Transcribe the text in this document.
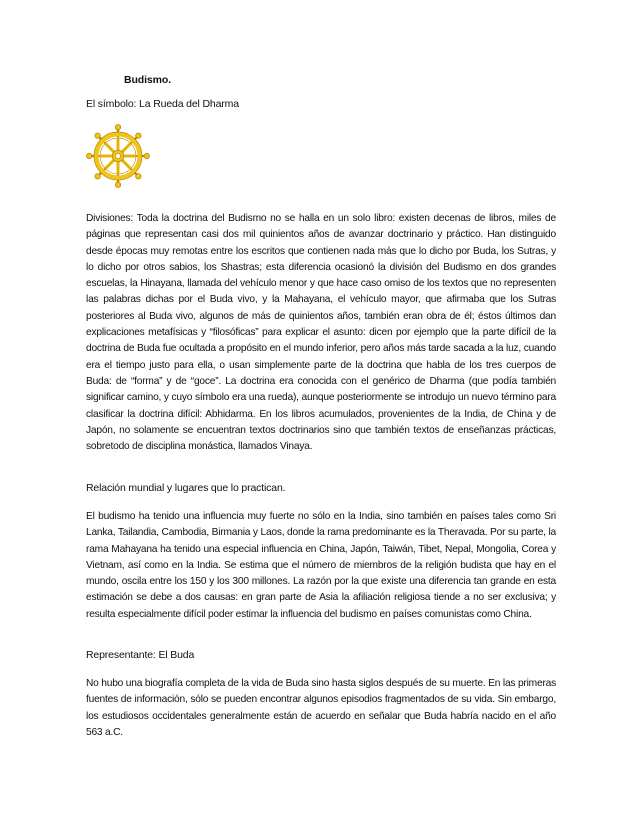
Budismo.
El símbolo: La Rueda del Dharma

Divisiones: Toda la doctrina del Budismo no se halla en un solo libro: existen decenas de libros, miles de páginas que representan casi dos mil quinientos años de avanzar doctrinario y práctico. Han distinguido desde épocas muy remotas entre los escritos que contienen nada más que lo dicho por Buda, los Sutras, y lo dicho por otros sabios, los Shastras; esta diferencia ocasionó la división del Budismo en dos grandes escuelas, la Hinayana, llamada del vehículo menor y que hace caso omiso de los textos que no representen las palabras dichas por el Buda vivo, y la Mahayana, el vehículo mayor, que afirmaba que los Sutras posteriores al Buda vivo, algunos de más de quinientos años, también eran obra de él; éstos últimos dan explicaciones metafísicas y “filosóficas” para explicar el asunto: dicen por ejemplo que la parte difícil de la doctrina de Buda fue ocultada a propósito en el mundo inferior, pero años más tarde sacada a la luz, cuando era el tiempo justo para ella, o usan simplemente parte de la doctrina que habla de los tres cuerpos de Buda: de “forma” y de “goce”. La doctrina era conocida con el genérico de Dharma (que podía también significar camino, y cuyo símbolo era una rueda), aunque posteriormente se introdujo un nuevo término para clasificar la doctrina difícil: Abhidarma. En los libros acumulados, provenientes de la India, de China y de Japón, no solamente se encuentran textos doctrinarios sino que también textos de enseñanzas prácticas, sobretodo de disciplina monástica, llamados Vinaya.

Relación mundial y lugares que lo practican.

El budismo ha tenido una influencia muy fuerte no sólo en la India, sino también en países tales como Sri Lanka, Tailandia, Cambodia, Birmania y Laos, donde la rama predominante es la Theravada. Por su parte, la rama Mahayana ha tenido una especial influencia en China, Japón, Taiwán, Tibet, Nepal, Mongolia, Corea y Vietnam, así como en la India. Se estima que el número de miembros de la religión budista que hay en el mundo, oscila entre los 150 y los 300 millones. La razón por la que existe una diferencia tan grande en esta estimación se debe a dos causas: en gran parte de Asia la afiliación religiosa tiende a no ser exclusiva; y resulta especialmente difícil poder estimar la influencia del budismo en países comunistas como China.

Representante: El Buda

No hubo una biografía completa de la vida de Buda sino hasta siglos después de su muerte. En las primeras fuentes de información, sólo se pueden encontrar algunos episodios fragmentados de su vida. Sin embargo, los estudiosos occidentales generalmente están de acuerdo en señalar que Buda habría nacido en el año 563 a.C.
